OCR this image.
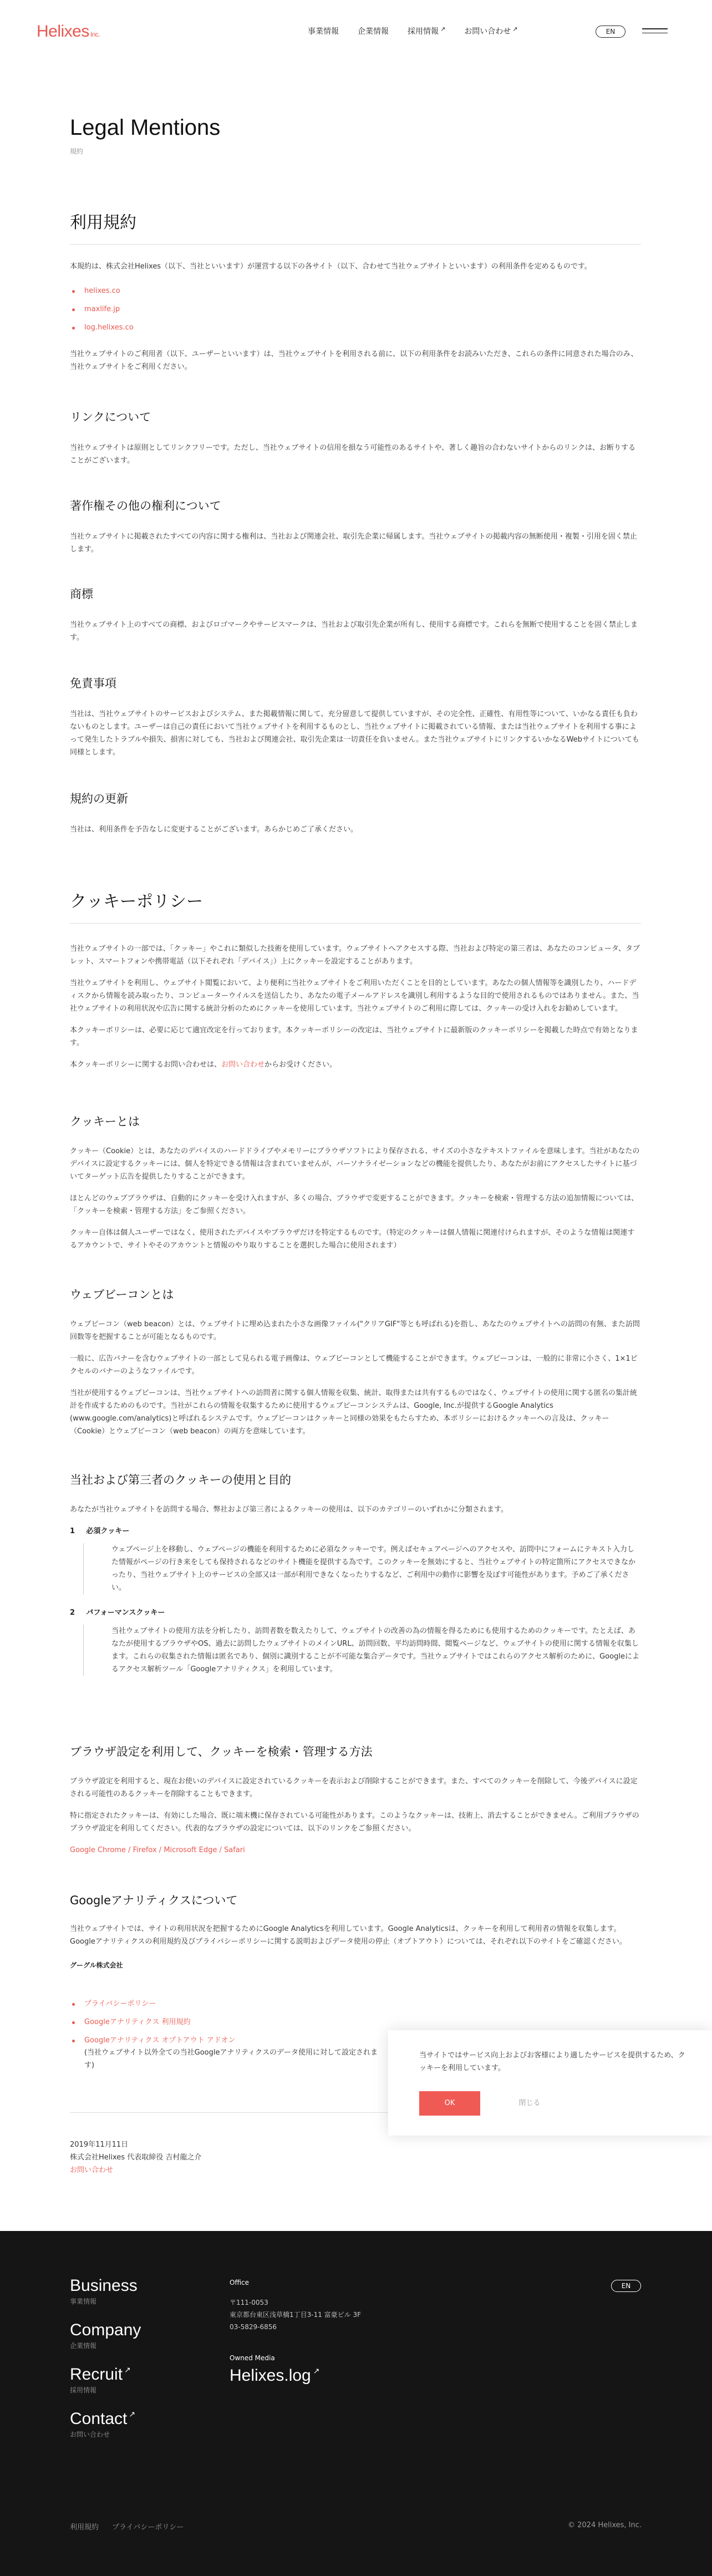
Helixes Inc.	事業情報 企業情報 採用情報 ↗ お問い合わせ ↗	EN
Legal Mentions
規約
利用規約

本規約は、株式会社Helixes（以下、当社といいます）が運営する以下の各サイト（以下、合わせて当社ウェブサイトといいます）の利用条件を定めるものです。

helixes.co
maxlife.jp
log.helixes.co

当社ウェブサイトのご利用者（以下、ユーザーといいます）は、当社ウェブサイトを利用される前に、以下の利用条件をお読みいただき、これらの条件に同意された場合のみ、当社ウェブサイトをご利用ください。

リンクについて

当社ウェブサイトは原則としてリンクフリーです。ただし、当社ウェブサイトの信用を損なう可能性のあるサイトや、著しく趣旨の合わないサイトからのリンクは、お断りすることがございます。

著作権その他の権利について

当社ウェブサイトに掲載されたすべての内容に関する権利は、当社および関連会社、取引先企業に帰属します。当社ウェブサイトの掲載内容の無断使用・複製・引用を固く禁止します。

商標

当社ウェブサイト上のすべての商標、およびロゴマークやサービスマークは、当社および取引先企業が所有し、使用する商標です。これらを無断で使用することを固く禁止します。

免責事項

当社は、当社ウェブサイトのサービスおよびシステム、また掲載情報に関して、充分留意して提供していますが、その完全性、正確性、有用性等について、いかなる責任も負わないものとします。ユーザーは自己の責任において当社ウェブサイトを利用するものとし、当社ウェブサイトに掲載されている情報、または当社ウェブサイトを利用する事によって発生したトラブルや損失、損害に対しても、当社および関連会社、取引先企業は一切責任を負いません。また当社ウェブサイトにリンクするいかなるWebサイトについても同様とします。

規約の更新

当社は、利用条件を予告なしに変更することがございます。あらかじめご了承ください。

クッキーポリシー

当社ウェブサイトの一部では、「クッキー」やこれに類似した技術を使用しています。ウェブサイトへアクセスする際、当社および特定の第三者は、あなたのコンピュータ、タブレット、スマートフォンや携帯電話（以下それぞれ「デバイス」）上にクッキーを設定することがあります。

当社ウェブサイトを利用し、ウェブサイト閲覧において、より便利に当社ウェブサイトをご利用いただくことを目的としています。あなたの個人情報等を識別したり、ハードディスクから情報を読み取ったり、コンピューターウイルスを送信したり、あなたの電子メールアドレスを識別し利用するような目的で使用されるものではありません。また、当社ウェブサイトの利用状況や広告に関する統計分析のためにクッキーを使用しています。当社ウェブサイトのご利用に際しては、クッキーの受け入れをお勧めしています。

本クッキーポリシーは、必要に応じて適宜改定を行っております。本クッキーポリシーの改定は、当社ウェブサイトに最新版のクッキーポリシーを掲載した時点で有効となります。

本クッキーポリシーに関するお問い合わせは、お問い合わせからお受けください。

クッキーとは

クッキー（Cookie）とは、あなたのデバイスのハードドライブやメモリーにブラウザソフトにより保存される、サイズの小さなテキストファイルを意味します。当社があなたのデバイスに設定するクッキーには、個人を特定できる情報は含まれていませんが、パーソナライゼーションなどの機能を提供したり、あなたがお前にアクセスしたサイトに基づいてターゲット広告を提供したりすることができます。

ほとんどのウェブブラウザは、自動的にクッキーを受け入れますが、多くの場合、ブラウザで変更することができます。クッキーを検索・管理する方法の追加情報については、「クッキーを検索・管理する方法」をご参照ください。

クッキー自体は個人ユーザーではなく、使用されたデバイスやブラウザだけを特定するものです。（特定のクッキーは個人情報に関連付けられますが、そのような情報は関連するアカウントで、サイトやそのアカウントと情報のやり取りすることを選択した場合に使用されます）

ウェブビーコンとは

ウェブビーコン（web beacon）とは、ウェブサイトに埋め込まれた小さな画像ファイル("クリアGIF"等とも呼ばれる)を指し、あなたのウェブサイトへの訪問の有無、また訪問回数等を把握することが可能となるものです。

一般に、広告バナーを含むウェブサイトの一部として見られる電子画像は、ウェブビーコンとして機能することができます。ウェブビーコンは、一般的に非常に小さく、1×1ピクセルのバナーのようなファイルです。

当社が使用するウェブビーコンは、当社ウェブサイトへの訪問者に関する個人情報を収集、統計、取得または共有するものではなく、ウェブサイトの使用に関する匿名の集計統計を作成するためのものです。当社がこれらの情報を収集するために使用するウェブビーコンシステムは、Google, Inc.が提供するGoogle Analytics (www.google.com/analytics)と呼ばれるシステムです。ウェブビーコンはクッキーと同様の効果をもたらすため、本ポリシーにおけるクッキーへの言及は、クッキー（Cookie）とウェブビーコン（web beacon）の両方を意味しています。

当社および第三者のクッキーの使用と目的

あなたが当社ウェブサイトを訪問する場合、弊社および第三者によるクッキーの使用は、以下のカテゴリーのいずれかに分類されます。

1 必須クッキー

ウェブページ上を移動し、ウェブページの機能を利用するために必須なクッキーです。例えばセキュアページへのアクセスや、訪問中にフォームにテキスト入力した情報がページの行き来をしても保持されるなどのサイト機能を提供する為です。このクッキーを無効にすると、当社ウェブサイトの特定箇所にアクセスできなかったり、当社ウェブサイト上のサービスの全部又は一部が利用できなくなったりするなど、ご利用中の動作に影響を及ぼす可能性があります。予めご了承ください。

2 パフォーマンスクッキー

当社ウェブサイトの使用方法を分析したり、訪問者数を数えたりして、ウェブサイトの改善の為の情報を得るためにも使用するためのクッキーです。たとえば、あなたが使用するブラウザやOS、過去に訪問したウェブサイトのメインURL、訪問回数、平均訪問時間、閲覧ページなど、ウェブサイトの使用に関する情報を収集します。これらの収集された情報は匿名であり、個別に識別することが不可能な集合データです。当社ウェブサイトではこれらのアクセス解析のために、Googleによるアクセス解析ツール「Googleアナリティクス」を利用しています。

ブラウザ設定を利用して、クッキーを検索・管理する方法

ブラウザ設定を利用すると、現在お使いのデバイスに設定されているクッキーを表示および削除することができます。また、すべてのクッキーを削除して、今後デバイスに設定される可能性のあるクッキーを削除することもできます。

特に指定されたクッキーは、有効にした場合、既に端末機に保存されている可能性があります。このようなクッキーは、技術上、消去することができません。ご利用ブラウザのブラウザ設定を利用してください。代表的なブラウザの設定については、以下のリンクをご参照ください。

Google Chrome / Firefox / Microsoft Edge / Safari

Googleアナリティクスについて

当社ウェブサイトでは、サイトの利用状況を把握するためにGoogle Analyticsを利用しています。Google Analyticsは、クッキーを利用して利用者の情報を収集します。Googleアナリティクスの利用規約及びプライバシーポリシーに関する説明およびデータ使用の停止（オプトアウト）については、それぞれ以下のサイトをご確認ください。

グーグル株式会社
プライバシーポリシー
Googleアナリティクス 利用規約
Googleアナリティクス オプトアウト アドオン

(当社ウェブサイト以外全ての当社Googleアナリティクスのデータ使用に対して設定されます)

2019年11月11日

株式会社Helixes 代表取締役 吉村龍之介

お問い合わせ

当サイトではサービス向上およびお客様により適したサービスを提供するため、クッキーを利用しています。
OK	閉じる
Business
事業情報
Company
企業情報
Recruit ↗
採用情報
Contact ↗
お問い合わせ
Office
〒111-0053
東京都台東区浅草橋1丁目3-11 富豪ビル 3F
03-5829-6856
Owned Media
Helixes.log ↗
EN
利用規約 プライバシーポリシー	© 2024 Helixes, Inc.
